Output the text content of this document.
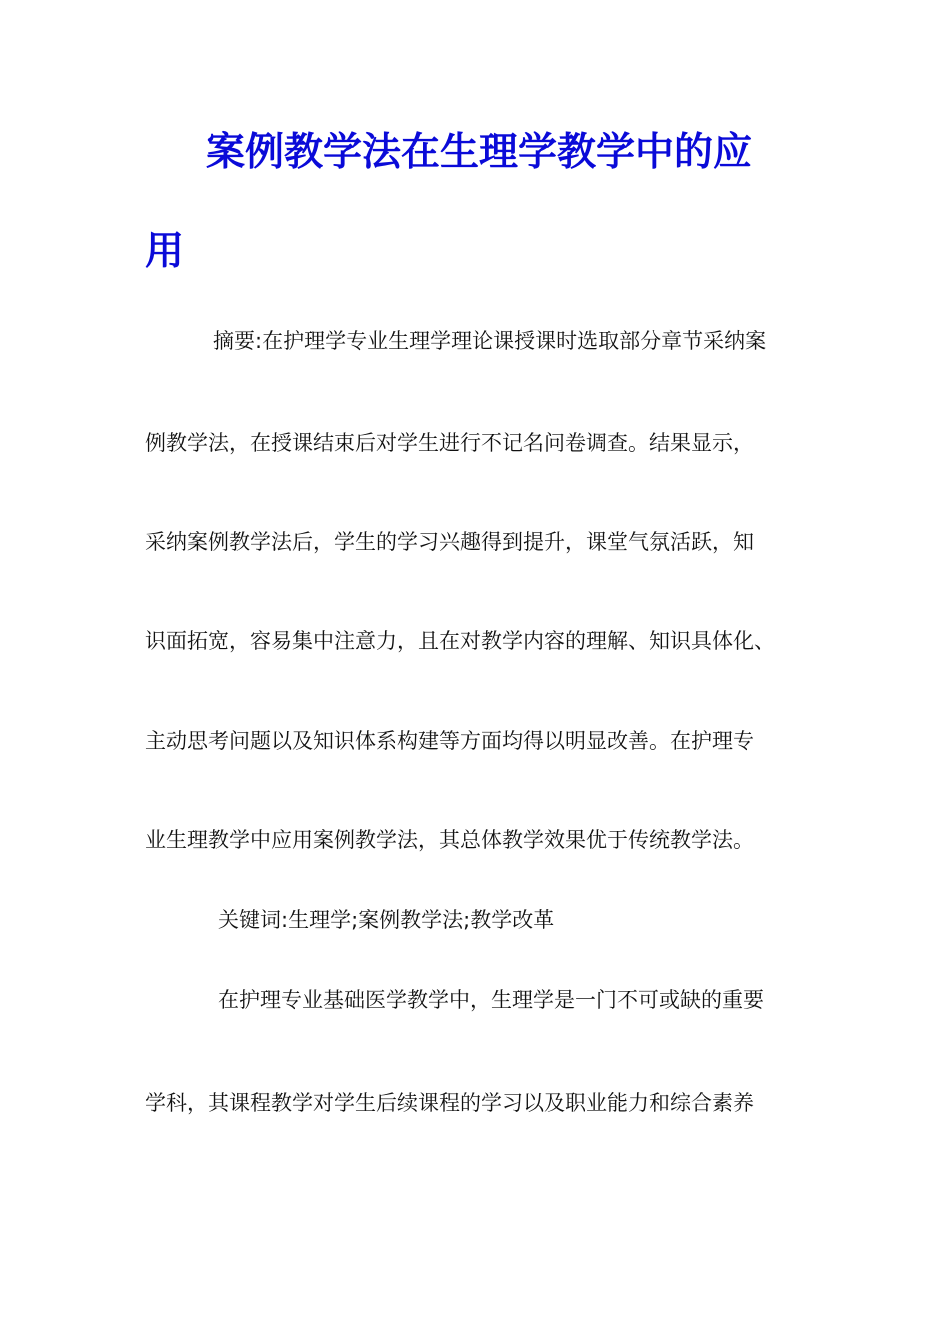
案例教学法在生理学教学中的应
用
摘要:在护理学专业生理学理论课授课时选取部分章节采纳案
例教学法，在授课结束后对学生进行不记名问卷调查。结果显示，
采纳案例教学法后，学生的学习兴趣得到提升，课堂气氛活跃，知
识面拓宽，容易集中注意力，且在对教学内容的理解、知识具体化、
主动思考问题以及知识体系构建等方面均得以明显改善。在护理专
业生理教学中应用案例教学法，其总体教学效果优于传统教学法。
关键词:生理学;案例教学法;教学改革
在护理专业基础医学教学中，生理学是一门不可或缺的重要
学科，其课程教学对学生后续课程的学习以及职业能力和综合素养
